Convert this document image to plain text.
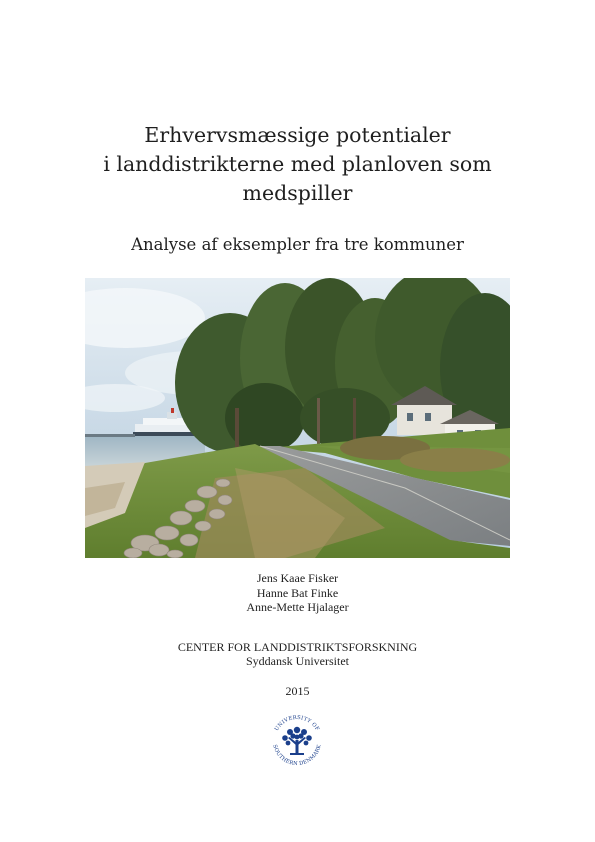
Erhvervsmæssige potentialer
i landdistrikterne med planloven som
medspiller
Analyse af eksempler fra tre kommuner
Jens Kaae Fisker
Hanne Bat Finke
Anne-Mette Hjalager
CENTER FOR LANDDISTRIKTSFORSKNING
Syddansk Universitet
2015
UNIVERSITY OF
SOUTHERN DENMARK
